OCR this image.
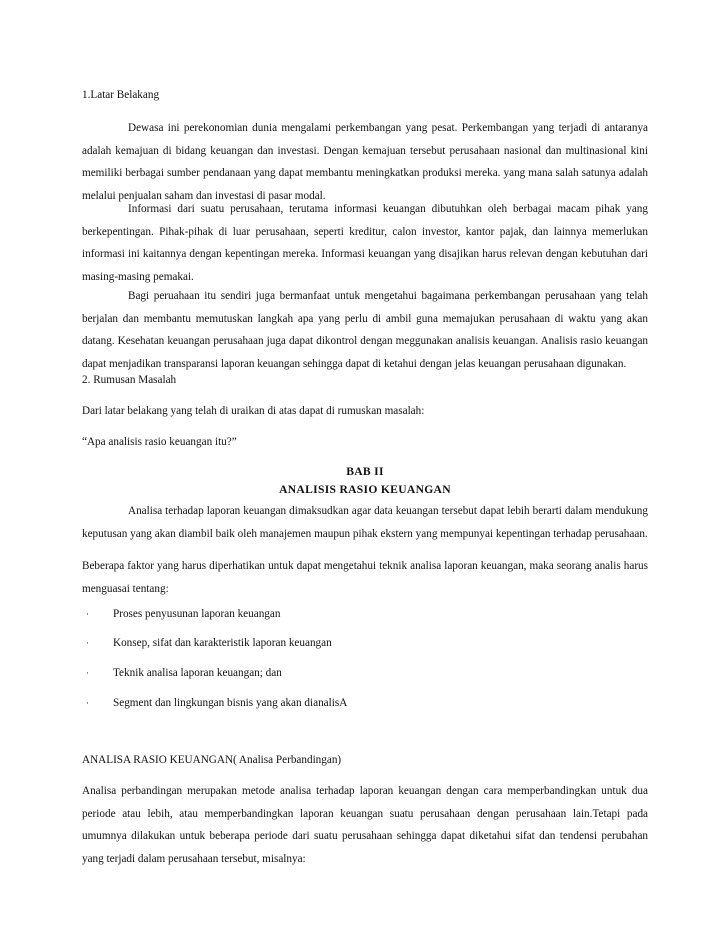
1.Latar Belakang

Dewasa ini perekonomian dunia mengalami perkembangan yang pesat. Perkembangan yang terjadi di antaranya adalah kemajuan di bidang keuangan dan investasi. Dengan kemajuan tersebut perusahaan nasional dan multinasional kini memiliki berbagai sumber pendanaan yang dapat membantu meningkatkan produksi mereka. yang mana salah satunya adalah melalui penjualan saham dan investasi di pasar modal.

Informasi dari suatu perusahaan, terutama informasi keuangan dibutuhkan oleh berbagai macam pihak yang berkepentingan. Pihak-pihak di luar perusahaan, seperti kreditur, calon investor, kantor pajak, dan lainnya memerlukan informasi ini kaitannya dengan kepentingan mereka. Informasi keuangan yang disajikan harus relevan dengan kebutuhan dari masing-masing pemakai.

Bagi peruahaan itu sendiri juga bermanfaat untuk mengetahui bagaimana perkembangan perusahaan yang telah berjalan dan membantu memutuskan langkah apa yang perlu di ambil guna memajukan perusahaan di waktu yang akan datang. Kesehatan keuangan perusahaan juga dapat dikontrol dengan meggunakan analisis keuangan. Analisis rasio keuangan dapat menjadikan transparansi laporan keuangan sehingga dapat di ketahui dengan jelas keuangan perusahaan digunakan.

2. Rumusan Masalah

Dari latar belakang yang telah di uraikan di atas dapat di rumuskan masalah:

“Apa analisis rasio keuangan itu?”

BAB II

ANALISIS RASIO KEUANGAN

Analisa terhadap laporan keuangan dimaksudkan agar data keuangan tersebut dapat lebih berarti dalam mendukung keputusan yang akan diambil baik oleh manajemen maupun pihak ekstern yang mempunyai kepentingan terhadap perusahaan.

Beberapa faktor yang harus diperhatikan untuk dapat mengetahui teknik analisa laporan keuangan, maka seorang analis harus menguasai tentang:

· Proses penyusunan laporan keuangan
· Konsep, sifat dan karakteristik laporan keuangan
· Teknik analisa laporan keuangan; dan
· Segment dan lingkungan bisnis yang akan dianalisA

ANALISA RASIO KEUANGAN( Analisa Perbandingan)

Analisa perbandingan merupakan metode analisa terhadap laporan keuangan dengan cara memperbandingkan untuk dua periode atau lebih, atau memperbandingkan laporan keuangan suatu perusahaan dengan perusahaan lain.Tetapi pada umumnya dilakukan untuk beberapa periode dari suatu perusahaan sehingga dapat diketahui sifat dan tendensi perubahan yang terjadi dalam perusahaan tersebut, misalnya:
